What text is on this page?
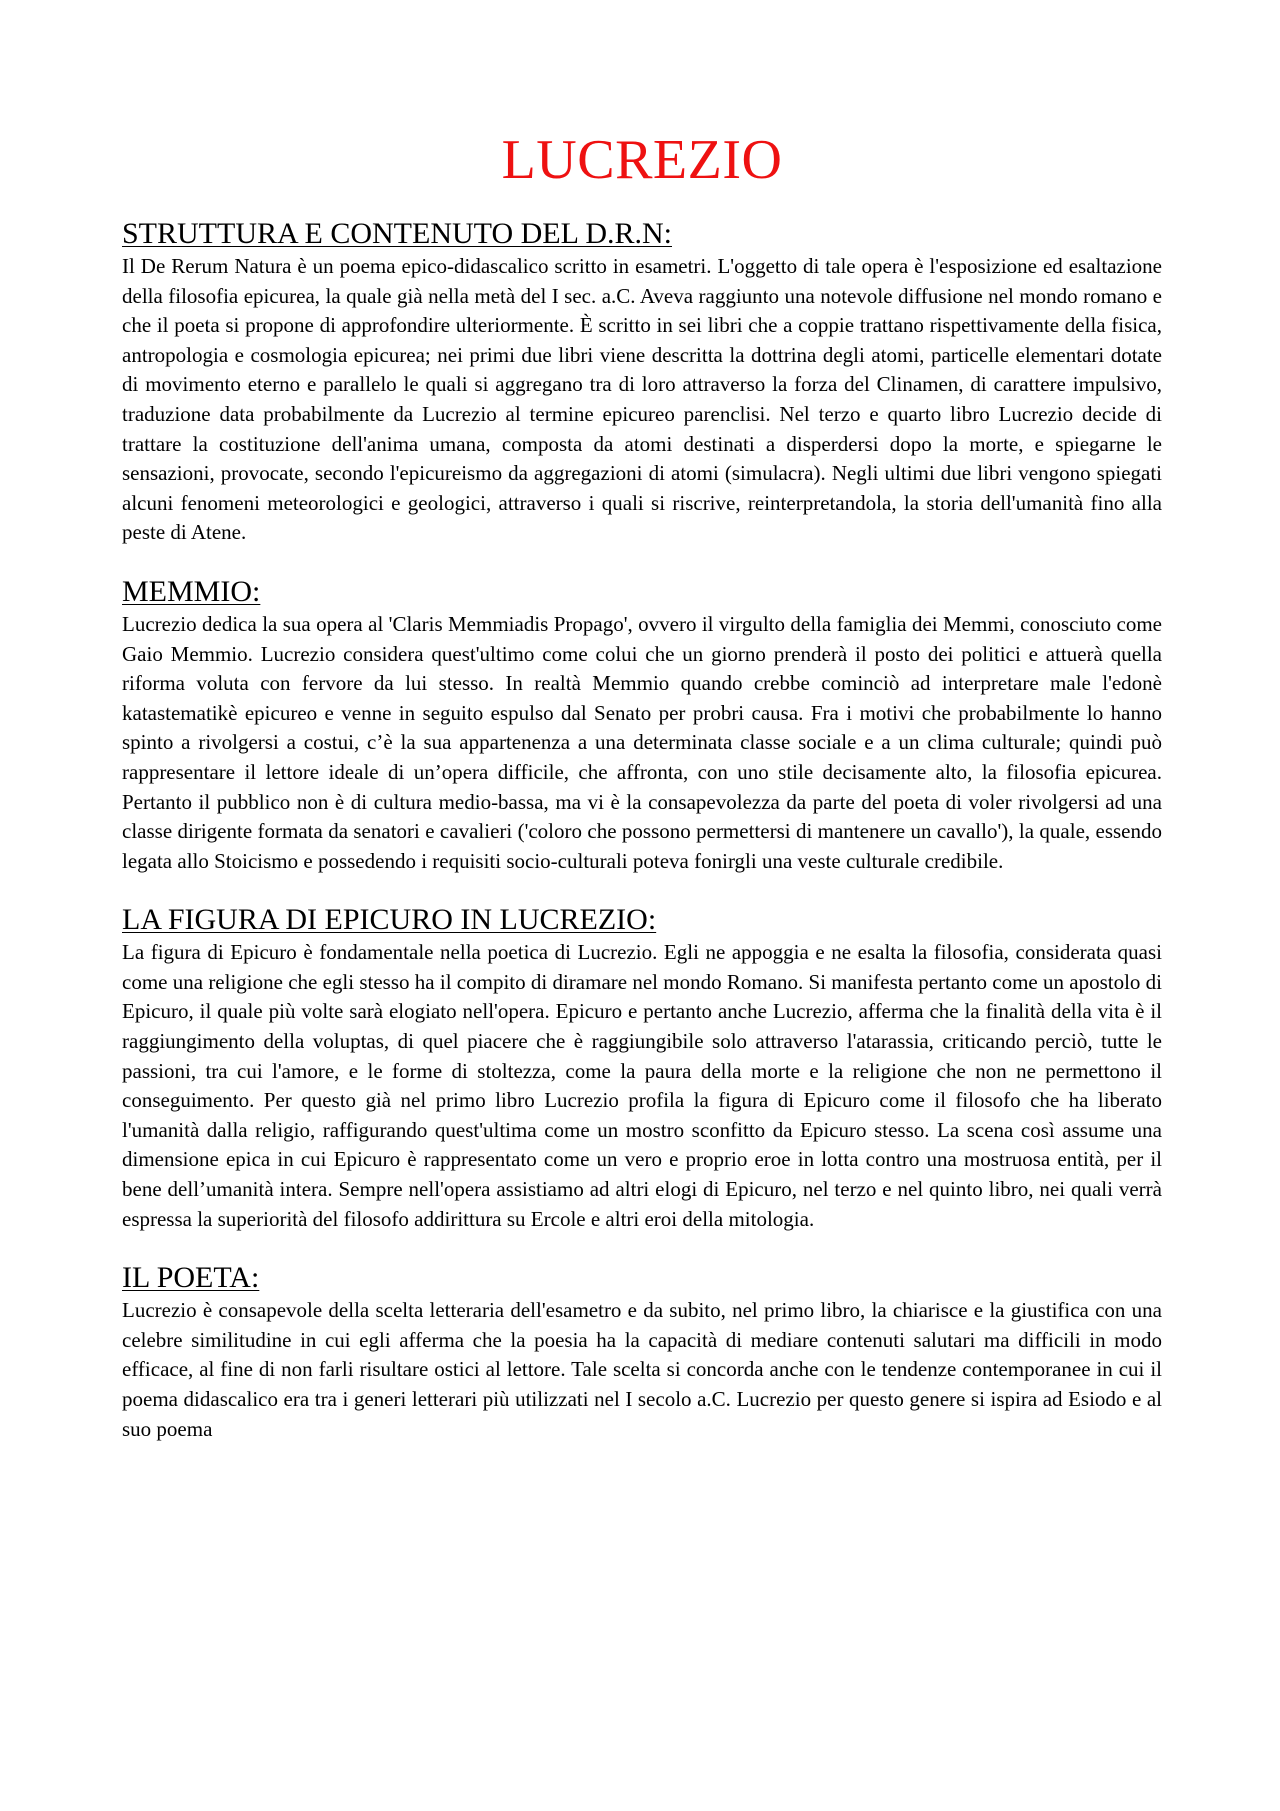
LUCREZIO
STRUTTURA E CONTENUTO DEL D.R.N:

Il De Rerum Natura è un poema epico-didascalico scritto in esametri. L'oggetto di tale opera è l'esposizione ed esaltazione della filosofia epicurea, la quale già nella metà del I sec. a.C. Aveva raggiunto una notevole diffusione nel mondo romano e che il poeta si propone di approfondire ulteriormente. È scritto in sei libri che a coppie trattano rispettivamente della fisica, antropologia e cosmologia epicurea; nei primi due libri viene descritta la dottrina degli atomi, particelle elementari dotate di movimento eterno e parallelo le quali si aggregano tra di loro attraverso la forza del Clinamen, di carattere impulsivo, traduzione data probabilmente da Lucrezio al termine epicureo parenclisi. Nel terzo e quarto libro Lucrezio decide di trattare la costituzione dell'anima umana, composta da atomi destinati a disperdersi dopo la morte, e spiegarne le sensazioni, provocate, secondo l'epicureismo da aggregazioni di atomi (simulacra). Negli ultimi due libri vengono spiegati alcuni fenomeni meteorologici e geologici, attraverso i quali si riscrive, reinterpretandola, la storia dell'umanità fino alla peste di Atene.

MEMMIO:

Lucrezio dedica la sua opera al 'Claris Memmiadis Propago', ovvero il virgulto della famiglia dei Memmi, conosciuto come Gaio Memmio. Lucrezio considera quest'ultimo come colui che un giorno prenderà il posto dei politici e attuerà quella riforma voluta con fervore da lui stesso. In realtà Memmio quando crebbe cominciò ad interpretare male l'edonè katastematikè epicureo e venne in seguito espulso dal Senato per probri causa. Fra i motivi che probabilmente lo hanno spinto a rivolgersi a costui, c’è la sua appartenenza a una determinata classe sociale e a un clima culturale; quindi può rappresentare il lettore ideale di un’opera difficile, che affronta, con uno stile decisamente alto, la filosofia epicurea. Pertanto il pubblico non è di cultura medio-bassa, ma vi è la consapevolezza da parte del poeta di voler rivolgersi ad una classe dirigente formata da senatori e cavalieri ('coloro che possono permettersi di mantenere un cavallo'), la quale, essendo legata allo Stoicismo e possedendo i requisiti socio-culturali poteva fonirgli una veste culturale credibile.

LA FIGURA DI EPICURO IN LUCREZIO:

La figura di Epicuro è fondamentale nella poetica di Lucrezio. Egli ne appoggia e ne esalta la filosofia, considerata quasi come una religione che egli stesso ha il compito di diramare nel mondo Romano. Si manifesta pertanto come un apostolo di Epicuro, il quale più volte sarà elogiato nell'opera. Epicuro e pertanto anche Lucrezio, afferma che la finalità della vita è il raggiungimento della voluptas, di quel piacere che è raggiungibile solo attraverso l'atarassia, criticando perciò, tutte le passioni, tra cui l'amore, e le forme di stoltezza, come la paura della morte e la religione che non ne permettono il conseguimento. Per questo già nel primo libro Lucrezio profila la figura di Epicuro come il filosofo che ha liberato l'umanità dalla religio, raffigurando quest'ultima come un mostro sconfitto da Epicuro stesso. La scena così assume una dimensione epica in cui Epicuro è rappresentato come un vero e proprio eroe in lotta contro una mostruosa entità, per il bene dell’umanità intera. Sempre nell'opera assistiamo ad altri elogi di Epicuro, nel terzo e nel quinto libro, nei quali verrà espressa la superiorità del filosofo addirittura su Ercole e altri eroi della mitologia.

IL POETA:

Lucrezio è consapevole della scelta letteraria dell'esametro e da subito, nel primo libro, la chiarisce e la giustifica con una celebre similitudine in cui egli afferma che la poesia ha la capacità di mediare contenuti salutari ma difficili in modo efficace, al fine di non farli risultare ostici al lettore. Tale scelta si concorda anche con le tendenze contemporanee in cui il poema didascalico era tra i generi letterari più utilizzati nel I secolo a.C. Lucrezio per questo genere si ispira ad Esiodo e al suo poema
